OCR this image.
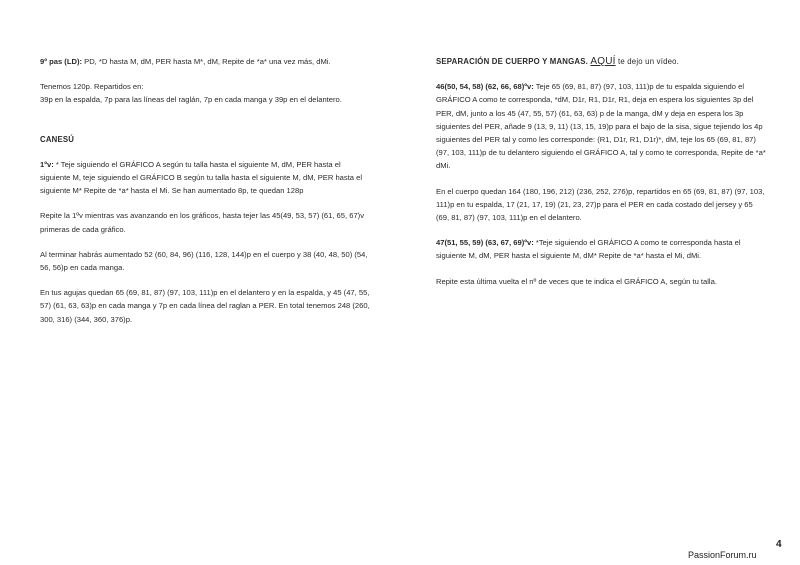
9º pas (LD): PD, *D hasta M, dM, PER hasta M*, dM, Repite de *a* una vez más, dMi.

Tenemos 120p. Repartidos en:
39p en la espalda, 7p para las líneas del raglán, 7p en cada manga y 39p en el delantero.

CANESÚ

1ºv: * Teje siguiendo el GRÁFICO A según tu talla hasta el siguiente M, dM, PER hasta el siguiente M, teje siguiendo el GRÁFICO B según tu talla hasta el siguiente M, dM, PER hasta el siguiente M* Repite de *a* hasta el Mi. Se han aumentado 8p, te quedan 128p

Repite la 1ºv mientras vas avanzando en los gráficos, hasta tejer las 45(49, 53, 57) (61, 65, 67)v primeras de cada gráfico.

Al terminar habrás aumentado 52 (60, 84, 96) (116, 128, 144)p en el cuerpo y 38 (40, 48, 50) (54, 56, 56)p en cada manga.

En tus agujas quedan 65 (69, 81, 87) (97, 103, 111)p en el delantero y en la espalda, y 45 (47, 55, 57) (61, 63, 63)p en cada manga y 7p en cada línea del raglan a PER. En total tenemos 248 (260, 300, 316) (344, 360, 376)p.

SEPARACIÓN DE CUERPO Y MANGAS. AQUÍ te dejo un vídeo.

46(50, 54, 58) (62, 66, 68)ºv: Teje 65 (69, 81, 87) (97, 103, 111)p de tu espalda siguiendo el GRÁFICO A como te corresponda, *dM, D1r, R1, D1r, R1, deja en espera los siguientes 3p del PER, dM, junto a los 45 (47, 55, 57) (61, 63, 63) p de la manga, dM y deja en espera los 3p siguientes del PER, añade 9 (13, 9, 11) (13, 15, 19)p para el bajo de la sisa, sigue tejiendo los 4p siguientes del PER tal y como les corresponde: (R1, D1r, R1, D1r)*, dM, teje los 65 (69, 81, 87) (97, 103, 111)p de tu delantero siguiendo el GRÁFICO A, tal y como te corresponda, Repite de *a* dMi.

En el cuerpo quedan 164 (180, 196, 212) (236, 252, 276)p, repartidos en 65 (69, 81, 87) (97, 103, 111)p en tu espalda, 17 (21, 17, 19) (21, 23, 27)p para el PER en cada costado del jersey y 65 (69, 81, 87) (97, 103, 111)p en el delantero.

47(51, 55, 59) (63, 67, 69)ºv: *Teje siguiendo el GRÁFICO A como te corresponda hasta el siguiente M, dM, PER hasta el siguiente M, dM* Repite de *a* hasta el Mi, dMi.

Repite esta última vuelta el nº de veces que te indica el GRÁFICO A, según tu talla.

4
PassionForum.ru
